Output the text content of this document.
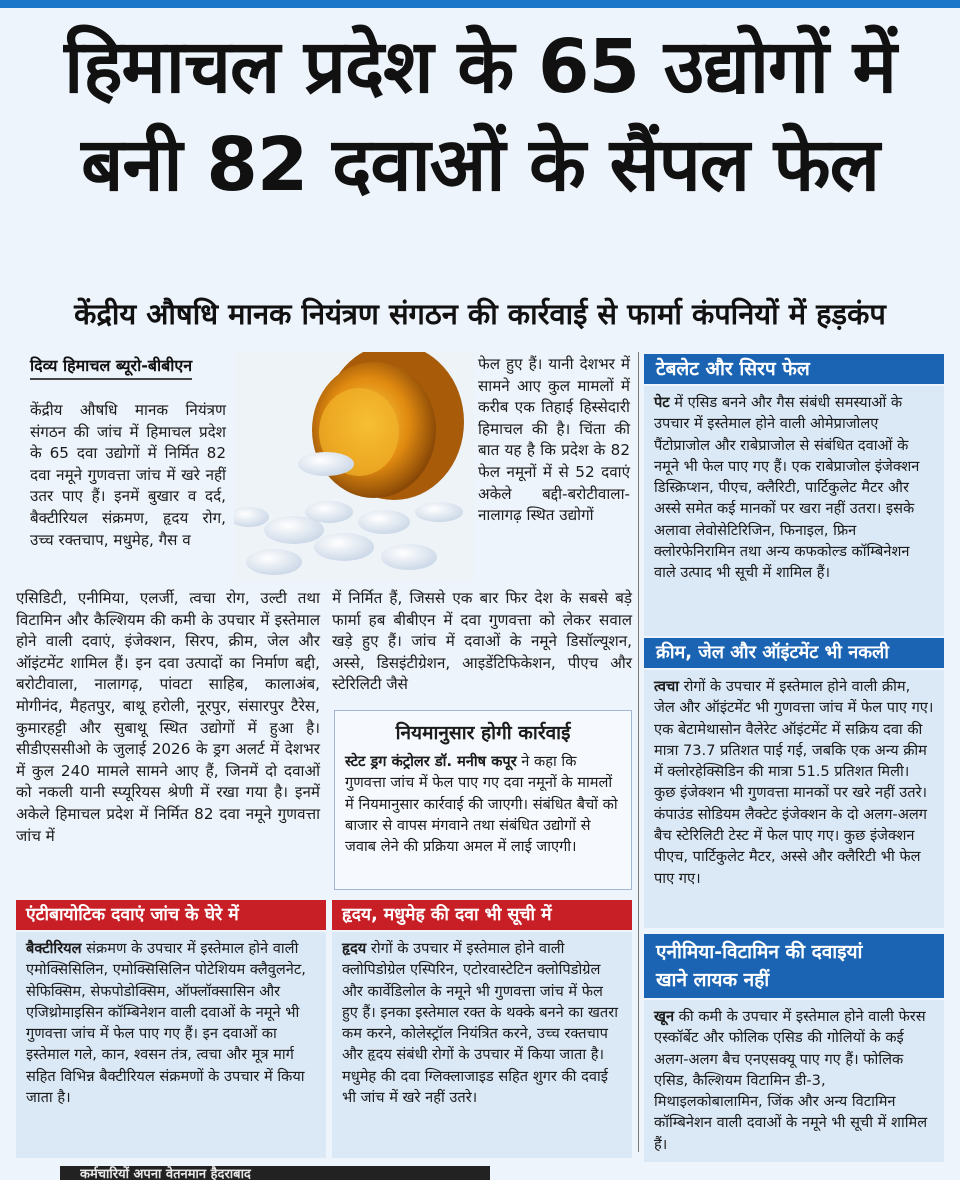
हिमाचल प्रदेश के 65 उद्योगों में
बनी 82 दवाओं के सैंपल फेल
केंद्रीय औषधि मानक नियंत्रण संगठन की कार्रवाई से फार्मा कंपनियों में हड़कंप
दिव्य हिमाचल ब्यूरो-बीबीएन
केंद्रीय औषधि मानक नियंत्रण संगठन की जांच में हिमाचल प्रदेश के 65 दवा उद्योगों में निर्मित 82 दवा नमूने गुणवत्ता जांच में खरे नहीं उतर पाए हैं। इनमें बुखार व दर्द, बैक्टीरियल संक्रमण, हृदय रोग, उच्च रक्तचाप, मधुमेह, गैस व
फेल हुए हैं। यानी देशभर में सामने आए कुल मामलों में करीब एक तिहाई हिस्सेदारी हिमाचल की है। चिंता की बात यह है कि प्रदेश के 82 फेल नमूनों में से 52 दवाएं अकेले बद्दी-बरोटीवाला-नालागढ़ स्थित उद्योगों
एसिडिटी, एनीमिया, एलर्जी, त्वचा रोग, उल्टी तथा विटामिन और कैल्शियम की कमी के उपचार में इस्तेमाल होने वाली दवाएं, इंजेक्शन, सिरप, क्रीम, जेल और ऑइंटमेंट शामिल हैं। इन दवा उत्पादों का निर्माण बद्दी, बरोटीवाला, नालागढ़, पांवटा साहिब, कालाअंब, मोगीनंद, मैहतपुर, बाथू हरोली, नूरपुर, संसारपुर टैरेस, कुमारहट्टी और सुबाथू स्थित उद्योगों में हुआ है। सीडीएससीओ के जुलाई 2026 के ड्रग अलर्ट में देशभर में कुल 240 मामले सामने आए हैं, जिनमें दो दवाओं को नकली यानी स्प्यूरियस श्रेणी में रखा गया है। इनमें अकेले हिमाचल प्रदेश में निर्मित 82 दवा नमूने गुणवत्ता जांच में
में निर्मित हैं, जिससे एक बार फिर देश के सबसे बड़े फार्मा हब बीबीएन में दवा गुणवत्ता को लेकर सवाल खड़े हुए हैं। जांच में दवाओं के नमूने डिसॉल्यूशन, अस्से, डिसइंटीग्रेशन, आइडेंटिफिकेशन, पीएच और स्टेरिलिटी जैसे
नियमानुसार होगी कार्रवाई
स्टेट ड्रग कंट्रोलर डॉ. मनीष कपूर ने कहा कि गुणवत्ता जांच में फेल पाए गए दवा नमूनों के मामलों में नियमानुसार कार्रवाई की जाएगी। संबंधित बैचों को बाजार से वापस मंगवाने तथा संबंधित उद्योगों से जवाब लेने की प्रक्रिया अमल में लाई जाएगी।
टेबलेट और सिरप फेल
पेट में एसिड बनने और गैस संबंधी समस्याओं के उपचार में इस्तेमाल होने वाली ओमेप्राजोलए पैंटोप्राजोल और राबेप्राजोल से संबंधित दवाओं के नमूने भी फेल पाए गए हैं। एक राबेप्राजोल इंजेक्शन डिस्क्रिप्शन, पीएच, क्लैरिटी, पार्टिकुलेट मैटर और अस्से समेत कई मानकों पर खरा नहीं उतरा। इसके अलावा लेवोसेटिरिजिन, फिनाइल, फ्रिन क्लोरफेनिरामिन तथा अन्य कफकोल्ड कॉम्बिनेशन वाले उत्पाद भी सूची में शामिल हैं।
क्रीम, जेल और ऑइंटमेंट भी नकली
त्वचा रोगों के उपचार में इस्तेमाल होने वाली क्रीम, जेल और ऑइंटमेंट भी गुणवत्ता जांच में फेल पाए गए। एक बेटामेथासोन वैलेरेट ऑइंटमेंट में सक्रिय दवा की मात्रा 73.7 प्रतिशत पाई गई, जबकि एक अन्य क्रीम में क्लोरहेक्सिडिन की मात्रा 51.5 प्रतिशत मिली। कुछ इंजेक्शन भी गुणवत्ता मानकों पर खरे नहीं उतरे। कंपाउंड सोडियम लैक्टेट इंजेक्शन के दो अलग-अलग बैच स्टेरिलिटी टेस्ट में फेल पाए गए। कुछ इंजेक्शन पीएच, पार्टिकुलेट मैटर, अस्से और क्लैरिटी भी फेल पाए गए।
एनीमिया-विटामिन की दवाइयां
खाने लायक नहीं
खून की कमी के उपचार में इस्तेमाल होने वाली फेरस एस्कॉर्बेट और फोलिक एसिड की गोलियों के कई अलग-अलग बैच एनएसक्यू पाए गए हैं। फोलिक एसिड, कैल्शियम विटामिन डी-3, मिथाइलकोबालामिन, जिंक और अन्य विटामिन कॉम्बिनेशन वाली दवाओं के नमूने भी सूची में शामिल हैं।
एंटीबायोटिक दवाएं जांच के घेरे में
बैक्टीरियल संक्रमण के उपचार में इस्तेमाल होने वाली एमोक्सिसिलिन, एमोक्सिसिलिन पोटेशियम क्लैवुलनेट, सेफिक्सिम, सेफपोडोक्सिम, ऑफ्लॉक्सासिन और एजिथ्रोमाइसिन कॉम्बिनेशन वाली दवाओं के नमूने भी गुणवत्ता जांच में फेल पाए गए हैं। इन दवाओं का इस्तेमाल गले, कान, श्वसन तंत्र, त्वचा और मूत्र मार्ग सहित विभिन्न बैक्टीरियल संक्रमणों के उपचार में किया जाता है।
हृदय, मधुमेह की दवा भी सूची में
हृदय रोगों के उपचार में इस्तेमाल होने वाली क्लोपिडोग्रेल एस्पिरिन, एटोरवास्टेटिन क्लोपिडोग्रेल और कार्वेडिलोल के नमूने भी गुणवत्ता जांच में फेल हुए हैं। इनका इस्तेमाल रक्त के थक्के बनने का खतरा कम करने, कोलेस्ट्रॉल नियंत्रित करने, उच्च रक्तचाप और हृदय संबंधी रोगों के उपचार में किया जाता है। मधुमेह की दवा ग्लिक्लाजाइड सहित शुगर की दवाई भी जांच में खरे नहीं उतरे।
कर्मचारियों अपना वेतनमान हैदराबाद
